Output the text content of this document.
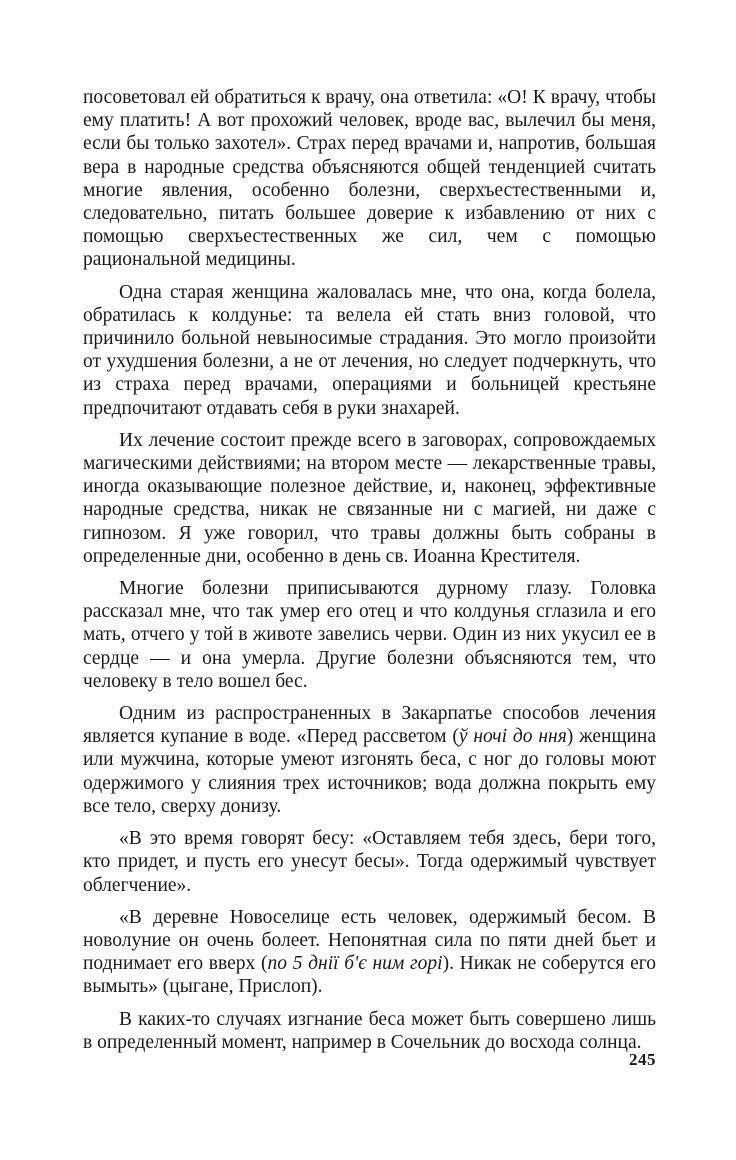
посоветовал ей обратиться к врачу, она ответила: «О! К врачу, чтобы ему платить! А вот прохожий человек, вроде вас, вылечил бы меня, если бы только захотел». Страх перед врачами и, напротив, большая вера в народные средства объясняются общей тенденцией считать многие явления, особенно болезни, сверхъестественными и, следовательно, питать большее доверие к избавлению от них с помощью сверхъестественных же сил, чем с помощью рациональной медицины.

Одна старая женщина жаловалась мне, что она, когда болела, обратилась к колдунье: та велела ей стать вниз головой, что причинило больной невыносимые страдания. Это могло произойти от ухудшения болезни, а не от лечения, но следует подчеркнуть, что из страха перед врачами, операциями и больницей крестьяне предпочитают отдавать себя в руки знахарей.

Их лечение состоит прежде всего в заговорах, сопровождаемых магическими действиями; на втором месте — лекарственные травы, иногда оказывающие полезное действие, и, наконец, эффективные народные средства, никак не связанные ни с магией, ни даже с гипнозом. Я уже говорил, что травы должны быть собраны в определенные дни, особенно в день св. Иоанна Крестителя.

Многие болезни приписываются дурному глазу. Головка рассказал мне, что так умер его отец и что колдунья сглазила и его мать, отчего у той в животе завелись черви. Один из них укусил ее в сердце — и она умерла. Другие болезни объясняются тем, что человеку в тело вошел бес.

Одним из распространенных в Закарпатье способов лечения является купание в воде. «Перед рассветом (ў ночі до ння) женщина или мужчина, которые умеют изгонять беса, с ног до головы моют одержимого у слияния трех источников; вода должна покрыть ему все тело, сверху донизу.

«В это время говорят бесу: «Оставляем тебя здесь, бери того, кто придет, и пусть его унесут бесы». Тогда одержимый чувствует облегчение».

«В деревне Новоселице есть человек, одержимый бесом. В новолуние он очень болеет. Непонятная сила по пяти дней бьет и поднимает его вверх (по 5 днії б'є ним горі). Никак не соберутся его вымыть» (цыгане, Прислоп).

В каких-то случаях изгнание беса может быть совершено лишь в определенный момент, например в Сочельник до восхода солнца.

245
